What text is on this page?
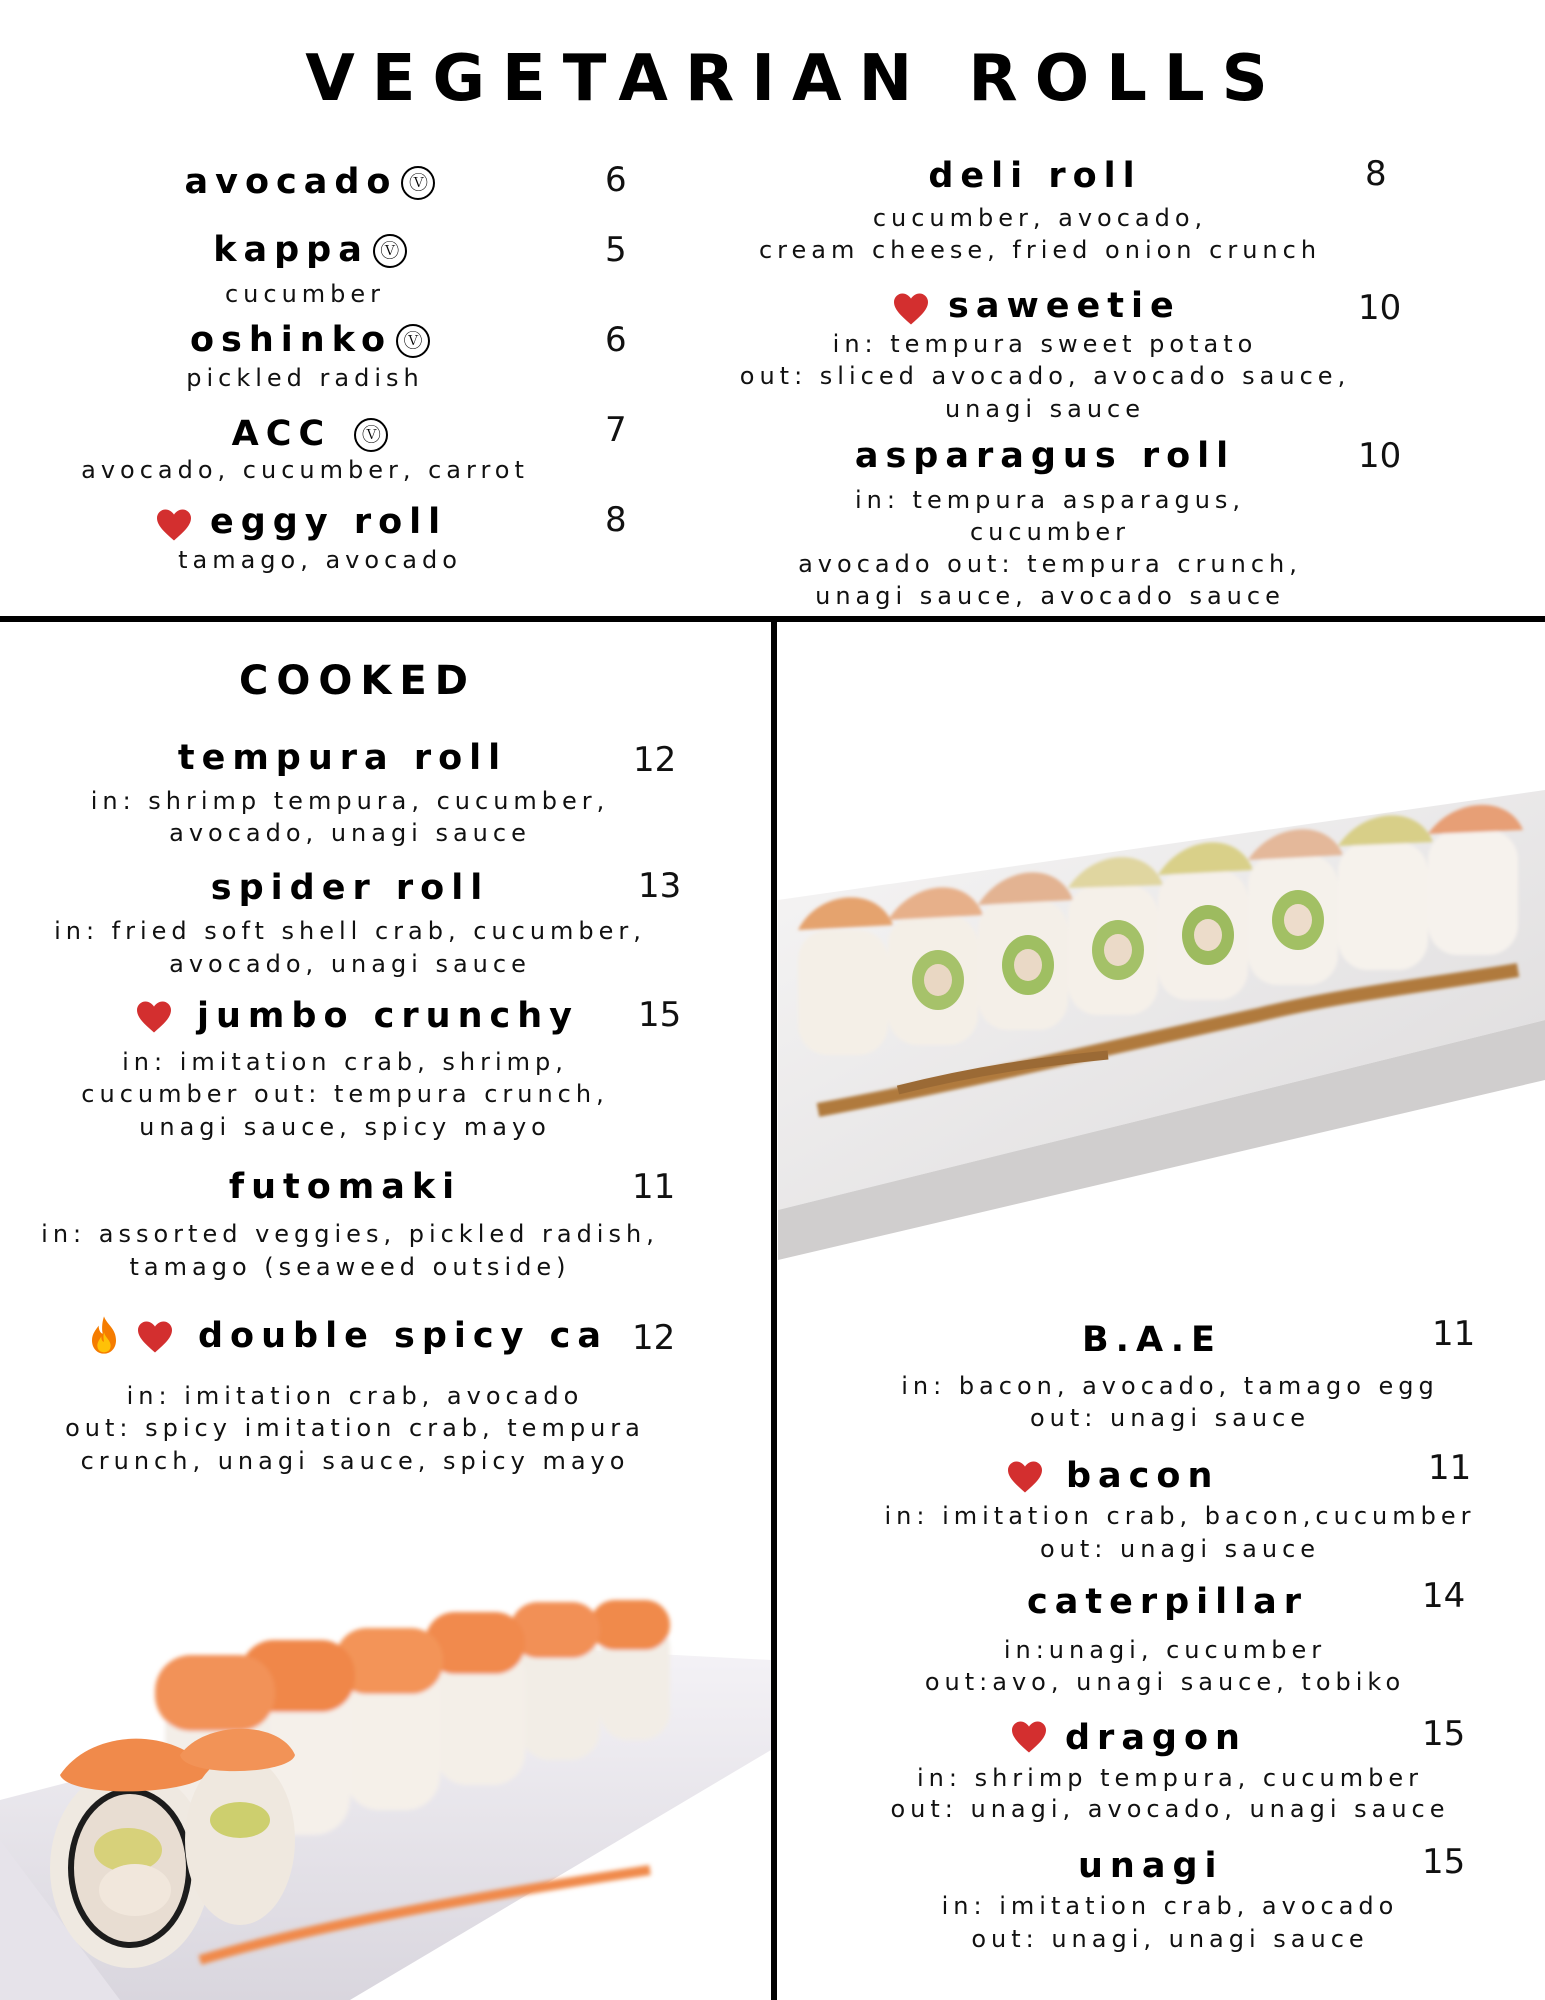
VEGETARIAN ROLLS
avocado Ⓥ	6
kappa Ⓥ	5
cucumber
oshinko Ⓥ	6
pickled radish
ACC Ⓥ	7
avocado, cucumber, carrot
eggy roll	8
tamago, avocado
deli roll	8
cucumber, avocado,
cream cheese, fried onion crunch
saweetie	10
in: tempura sweet potato
out: sliced avocado, avocado sauce,
unagi sauce
asparagus roll	10
in: tempura asparagus,
cucumber
avocado out: tempura crunch,
unagi sauce, avocado sauce
COOKED
tempura roll	12
in: shrimp tempura, cucumber,
avocado, unagi sauce
spider roll	13
in: fried soft shell crab, cucumber,
avocado, unagi sauce
jumbo crunchy 15
in: imitation crab, shrimp,
cucumber out: tempura crunch,
unagi sauce, spicy mayo
futomaki	11
in: assorted veggies, pickled radish,
tamago (seaweed outside)
double spicy ca 12
in: imitation crab, avocado
out: spicy imitation crab, tempura
crunch, unagi sauce, spicy mayo
B.A.E	11
in: bacon, avocado, tamago egg
out: unagi sauce
bacon	11
in: imitation crab, bacon,cucumber
out: unagi sauce
caterpillar	14
in:unagi, cucumber
out:avo, unagi sauce, tobiko
dragon	15
in: shrimp tempura, cucumber
out: unagi, avocado, unagi sauce
unagi	15
in: imitation crab, avocado
out: unagi, unagi sauce
